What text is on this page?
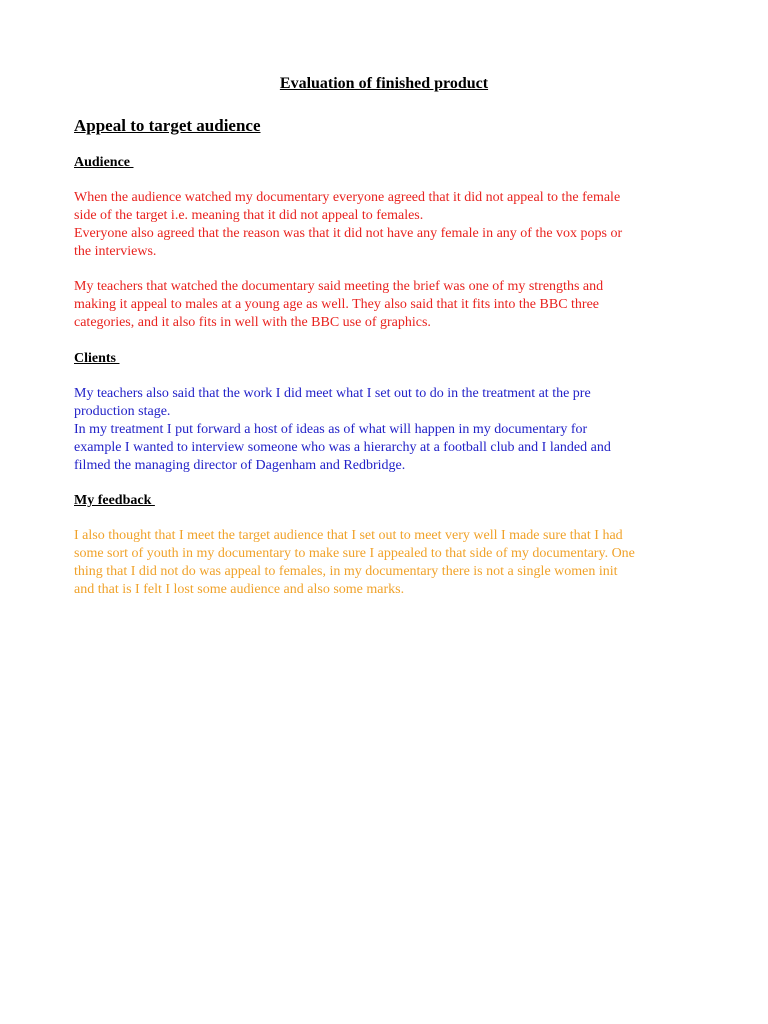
Evaluation of finished product
Appeal to target audience
Audience

When the audience watched my documentary everyone agreed that it did not appeal to the female
side of the target i.e. meaning that it did not appeal to females.
Everyone also agreed that the reason was that it did not have any female in any of the vox pops or
the interviews.

My teachers that watched the documentary said meeting the brief was one of my strengths and
making it appeal to males at a young age as well. They also said that it fits into the BBC three
categories, and it also fits in well with the BBC use of graphics.

Clients

My teachers also said that the work I did meet what I set out to do in the treatment at the pre
production stage.
In my treatment I put forward a host of ideas as of what will happen in my documentary for
example I wanted to interview someone who was a hierarchy at a football club and I landed and
filmed the managing director of Dagenham and Redbridge.

My feedback

I also thought that I meet the target audience that I set out to meet very well I made sure that I had
some sort of youth in my documentary to make sure I appealed to that side of my documentary. One
thing that I did not do was appeal to females, in my documentary there is not a single women init
and that is I felt I lost some audience and also some marks.
